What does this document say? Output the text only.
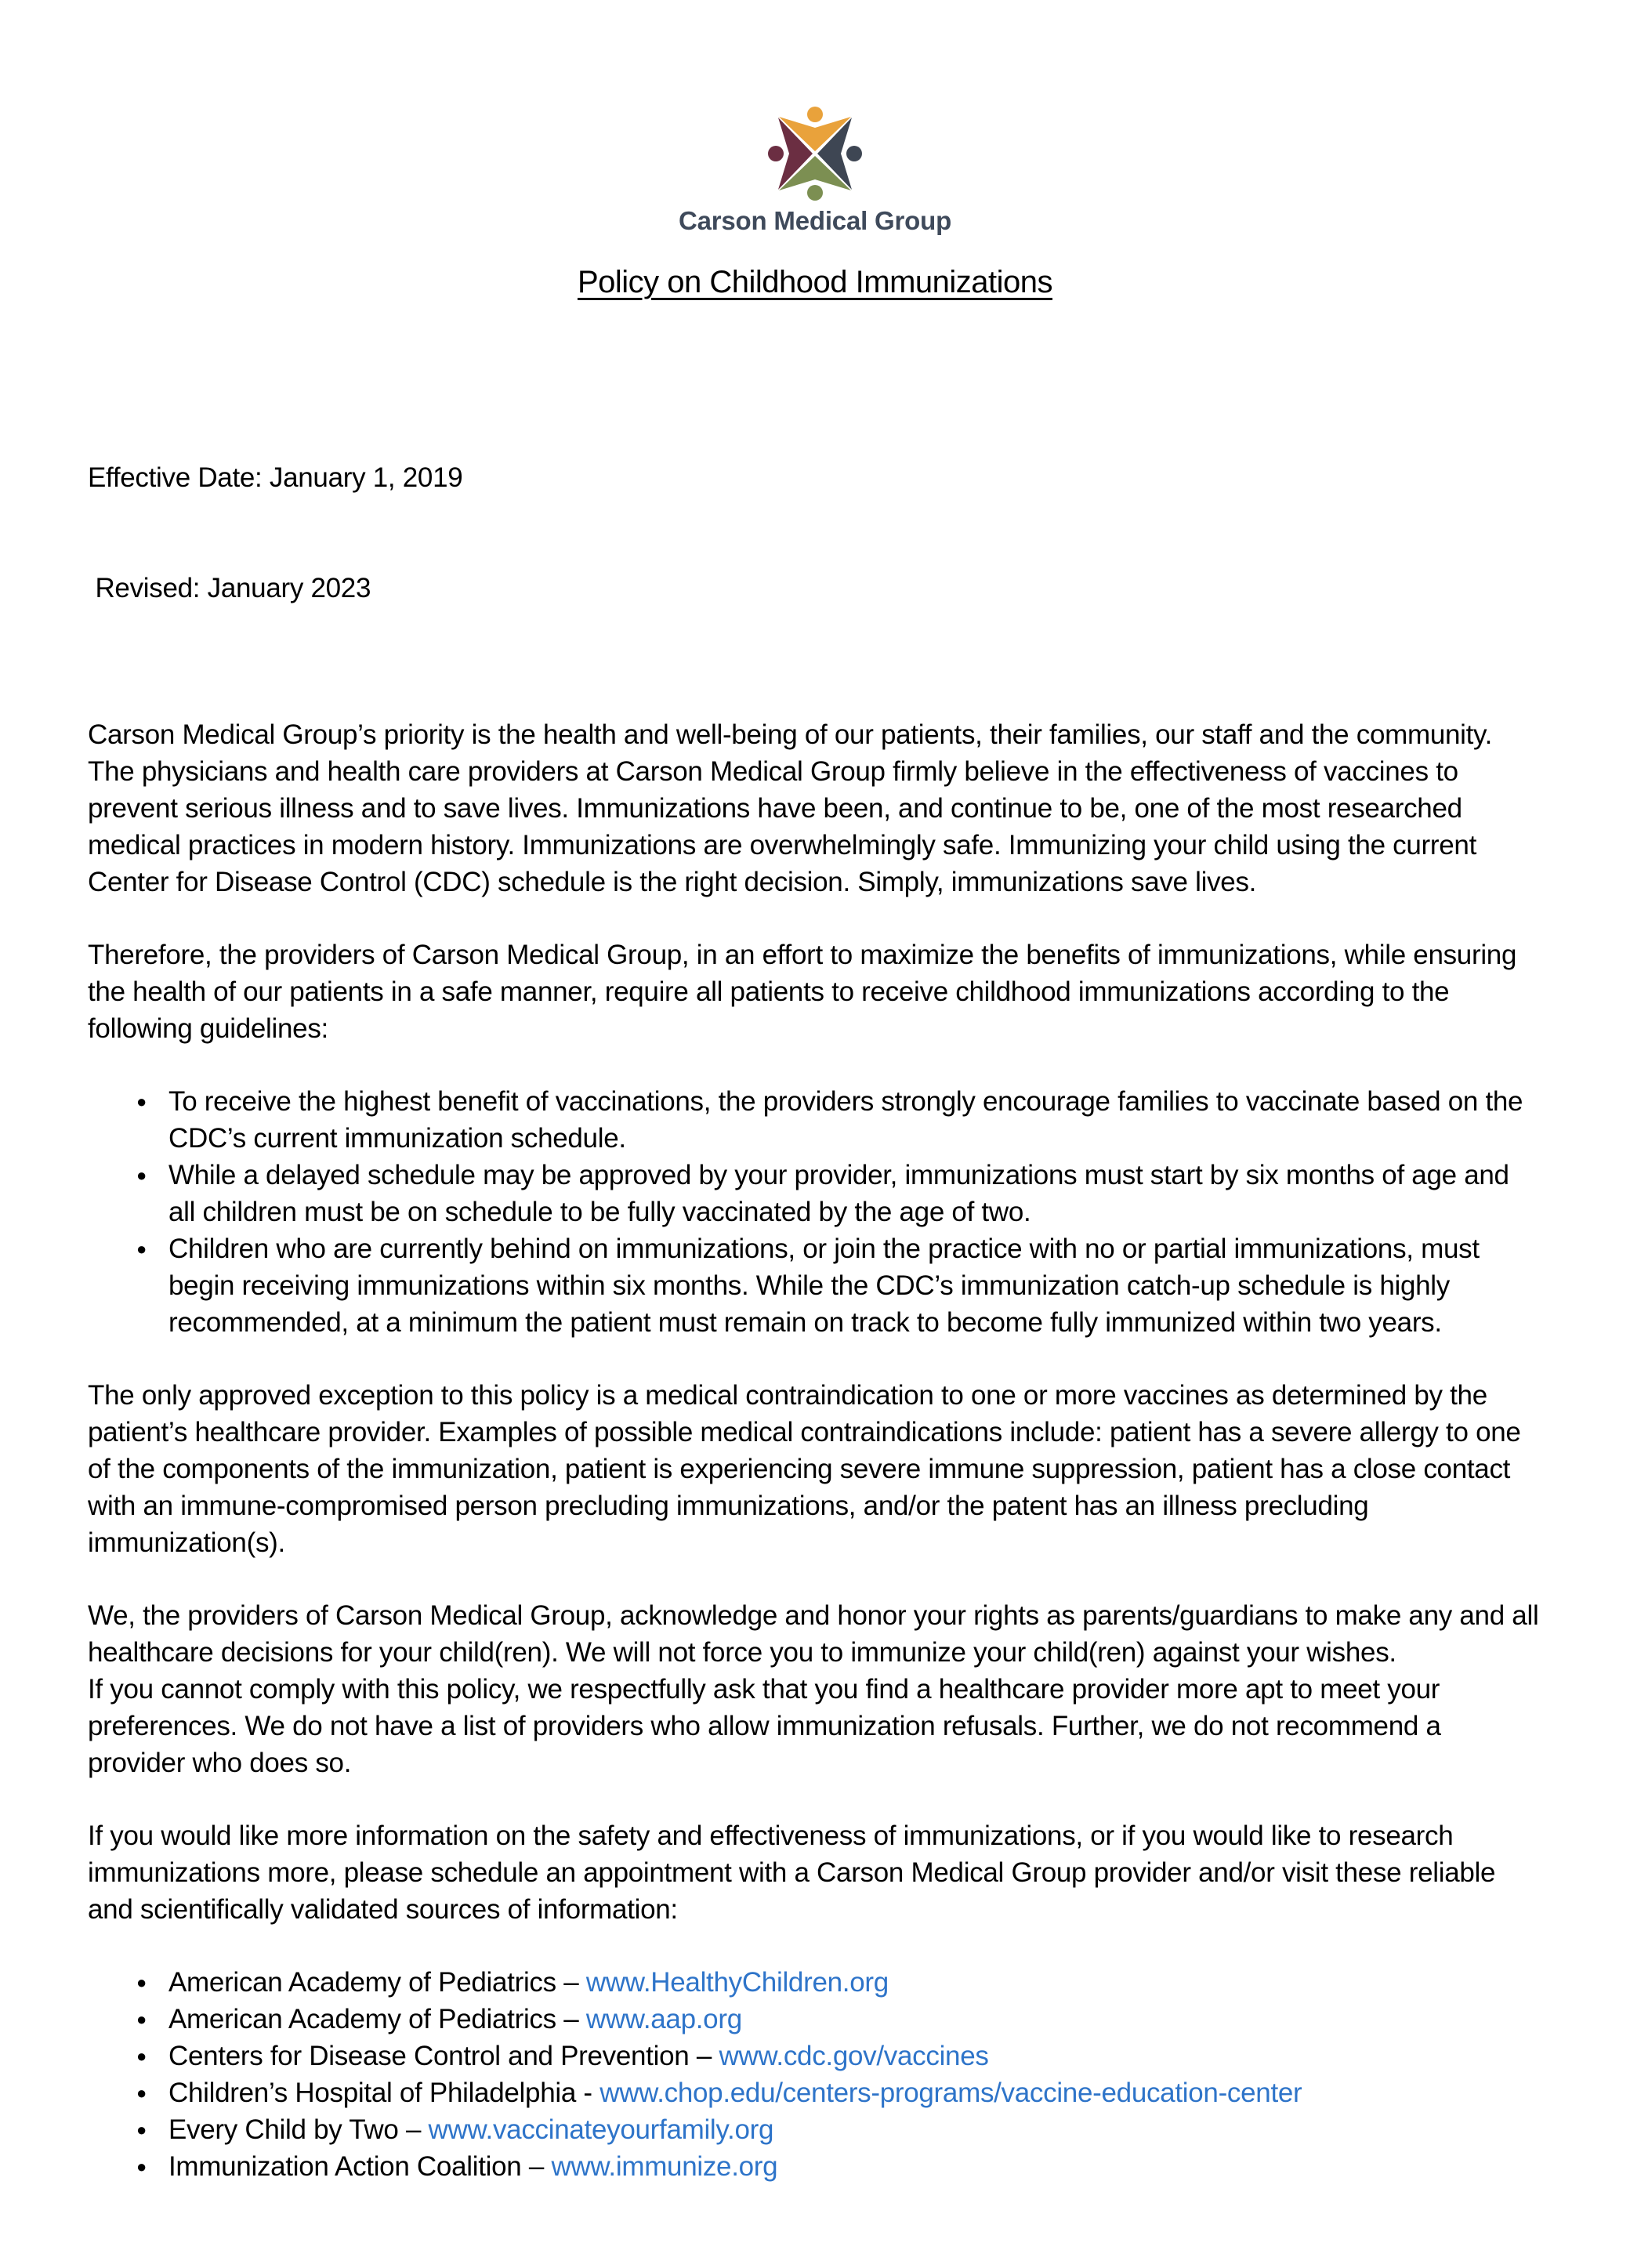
Carson Medical Group
Policy on Childhood Immunizations

Effective Date: January 1, 2019

Revised: January 2023

Carson Medical Group’s priority is the health and well-being of our patients, their families, our staff and the community. The physicians and health care providers at Carson Medical Group firmly believe in the effectiveness of vaccines to prevent serious illness and to save lives. Immunizations have been, and continue to be, one of the most researched medical practices in modern history. Immunizations are overwhelmingly safe. Immunizing your child using the current Center for Disease Control (CDC) schedule is the right decision. Simply, immunizations save lives.

Therefore, the providers of Carson Medical Group, in an effort to maximize the benefits of immunizations, while ensuring the health of our patients in a safe manner, require all patients to receive childhood immunizations according to the following guidelines:

● To receive the highest benefit of vaccinations, the providers strongly encourage families to vaccinate based on the CDC’s current immunization schedule.
● While a delayed schedule may be approved by your provider, immunizations must start by six months of age and all children must be on schedule to be fully vaccinated by the age of two.
● Children who are currently behind on immunizations, or join the practice with no or partial immunizations, must begin receiving immunizations within six months. While the CDC’s immunization catch-up schedule is highly recommended, at a minimum the patient must remain on track to become fully immunized within two years.

The only approved exception to this policy is a medical contraindication to one or more vaccines as determined by the patient’s healthcare provider. Examples of possible medical contraindications include: patient has a severe allergy to one of the components of the immunization, patient is experiencing severe immune suppression, patient has a close contact with an immune-compromised person precluding immunizations, and/or the patent has an illness precluding immunization(s).

We, the providers of Carson Medical Group, acknowledge and honor your rights as parents/guardians to make any and all healthcare decisions for your child(ren). We will not force you to immunize your child(ren) against your wishes.
If you cannot comply with this policy, we respectfully ask that you find a healthcare provider more apt to meet your preferences. We do not have a list of providers who allow immunization refusals. Further, we do not recommend a provider who does so.

If you would like more information on the safety and effectiveness of immunizations, or if you would like to research immunizations more, please schedule an appointment with a Carson Medical Group provider and/or visit these reliable and scientifically validated sources of information:

● American Academy of Pediatrics – www.HealthyChildren.org
● American Academy of Pediatrics – www.aap.org
● Centers for Disease Control and Prevention – www.cdc.gov/vaccines
● Children’s Hospital of Philadelphia - www.chop.edu/centers-programs/vaccine-education-center
● Every Child by Two – www.vaccinateyourfamily.org
● Immunization Action Coalition – www.immunize.org
